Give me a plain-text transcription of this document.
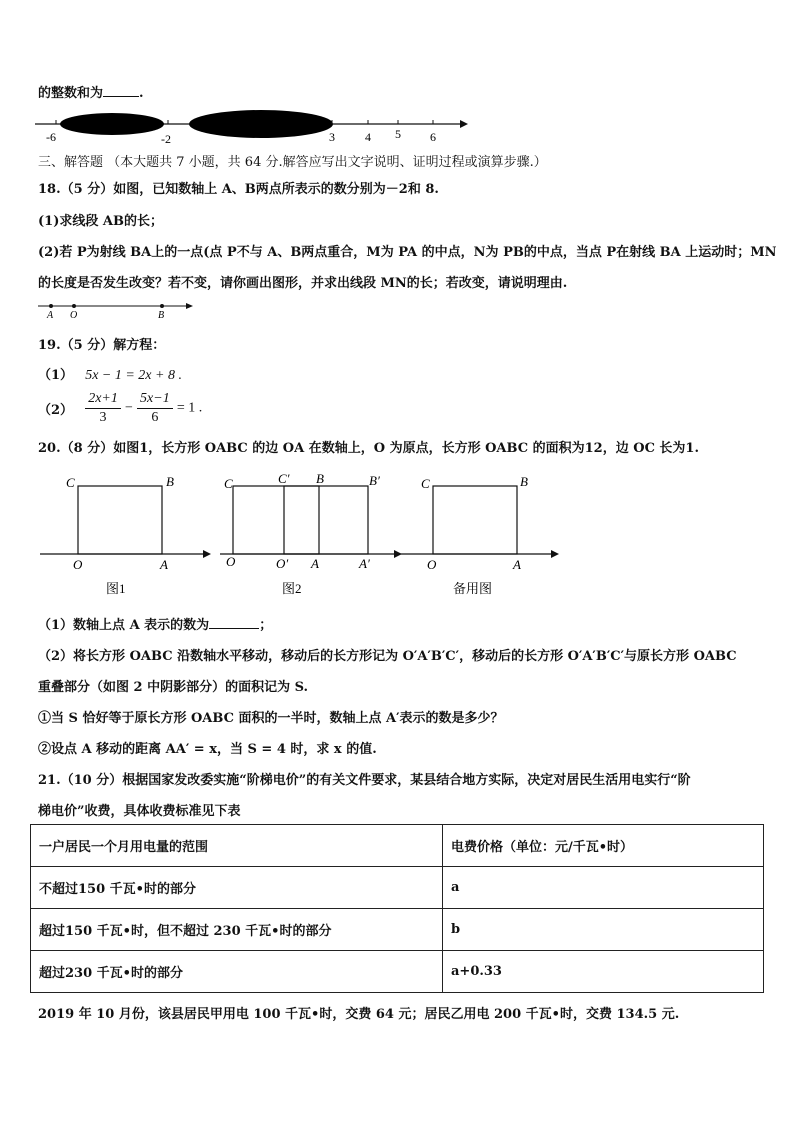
的整数和为	.
-6	-2	3	4 5 6
三、解答题 （本大题共 7 小题，共 64 分.解答应写出文字说明、证明过程或演算步骤.）
18.（5 分）如图，已知数轴上 A、B两点所表示的数分别为－2和 8.
(1)求线段 AB的长；
(2)若 P为射线 BA上的一点(点 P不与 A、B两点重合，M为 PA 的中点，N为 PB的中点，当点 P在射线 BA 上运动时；MN
的长度是否发生改变？若不变，请你画出图形，并求出线段 MN的长；若改变，请说明理由.
A O	B
19.（5 分）解方程：
（1） 5x − 1 = 2x + 8 .
$(2) \frac{2x+1}{3} - \frac{5x-1}{6} = 1$ .
20.（8 分）如图1，长方形 OABC 的边 OA 在数轴上，O 为原点，长方形 OABC 的面积为12，边 OC 长为1.
C	B
O	A
图1
C	C′ B	B′
O	O′ A	A′
图2
C	B
O	A
备用图
（1）数轴上点 A 表示的数为	；
（2）将长方形 OABC 沿数轴水平移动，移动后的长方形记为 O′A′B′C′，移动后的长方形 O′A′B′C′与原长方形 OABC
重叠部分（如图 2 中阴影部分）的面积记为 S.
①当 S 恰好等于原长方形 OABC 面积的一半时，数轴上点 A′表示的数是多少？
②设点 A 移动的距离 AA′ = x，当 S = 4 时，求 x 的值.
21.（10 分）根据国家发改委实施“阶梯电价”的有关文件要求，某县结合地方实际，决定对居民生活用电实行“阶
梯电价”收费，具体收费标准见下表
一户居民一个月用电量的范围	电费价格（单位：元/千瓦•时）
不超过150 千瓦•时的部分	a
超过150 千瓦•时，但不超过 230 千瓦•时的部分	b
超过230 千瓦•时的部分	a+0.33
2019 年 10 月份，该县居民甲用电 100 千瓦•时，交费 64 元；居民乙用电 200 千瓦•时，交费 134.5 元.
